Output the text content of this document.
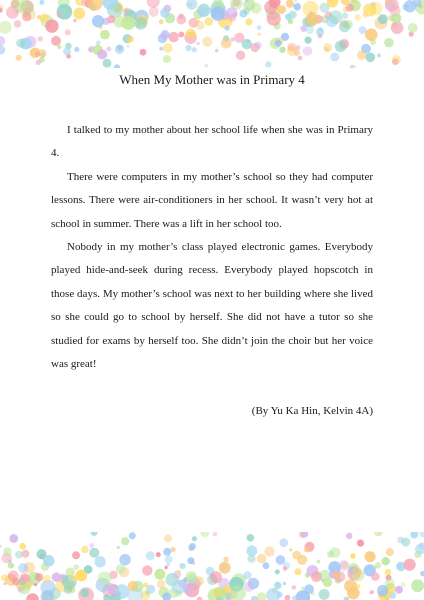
When My Mother was in Primary 4

I talked to my mother about her school life when she was in Primary 4.

There were computers in my mother’s school so they had computer lessons. There were air-conditioners in her school. It wasn’t very hot at school in summer. There was a lift in her school too.

Nobody in my mother’s class played electronic games. Everybody played hide-and-seek during recess. Everybody played hopscotch in those days. My mother’s school was next to her building where she lived so she could go to school by herself. She did not have a tutor so she studied for exams by herself too. She didn’t join the choir but her voice was great!

(By Yu Ka Hin, Kelvin 4A)
